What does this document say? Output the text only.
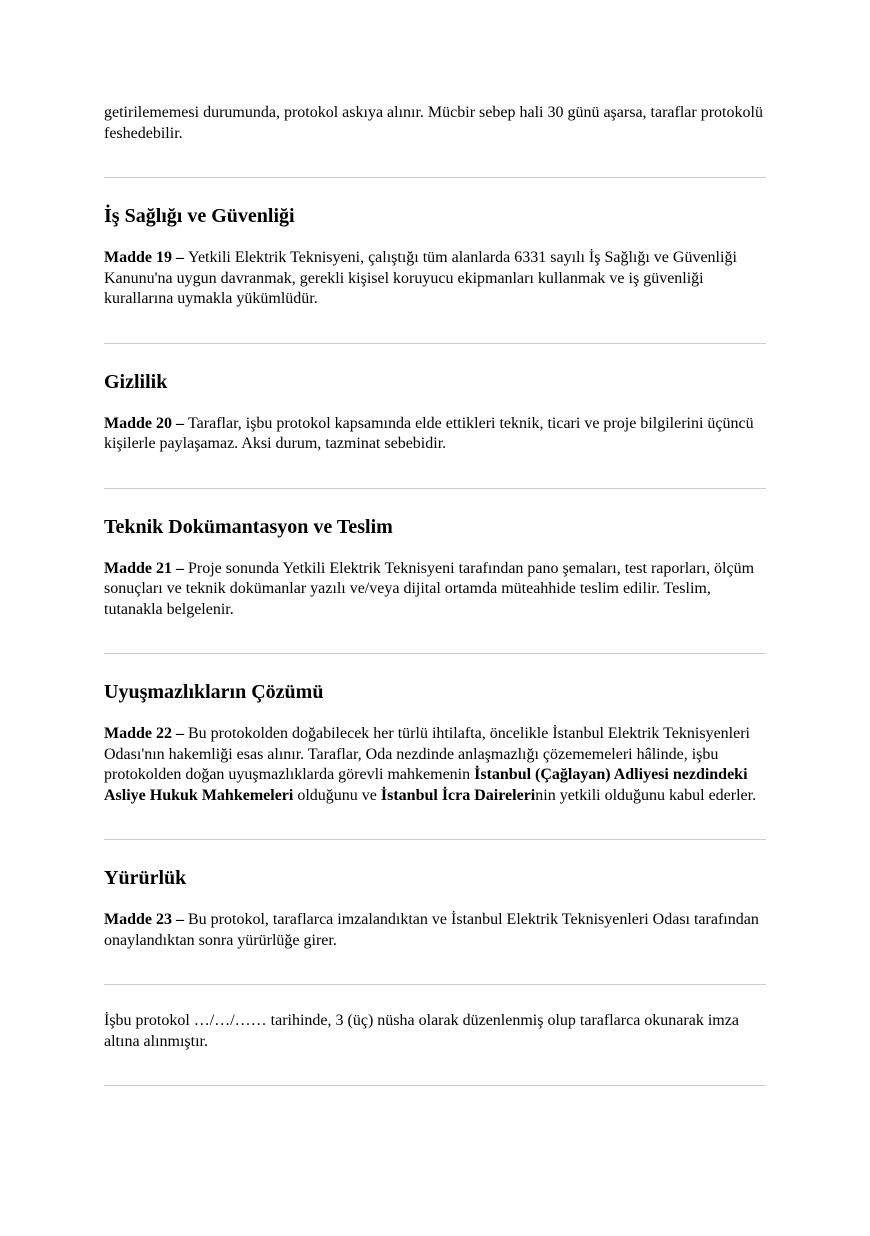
getirilememesi durumunda, protokol askıya alınır. Mücbir sebep hali 30 günü aşarsa, taraflar protokolü feshedebilir.

İş Sağlığı ve Güvenliği

Madde 19 – Yetkili Elektrik Teknisyeni, çalıştığı tüm alanlarda 6331 sayılı İş Sağlığı ve Güvenliği Kanunu'na uygun davranmak, gerekli kişisel koruyucu ekipmanları kullanmak ve iş güvenliği kurallarına uymakla yükümlüdür.

Gizlilik

Madde 20 – Taraflar, işbu protokol kapsamında elde ettikleri teknik, ticari ve proje bilgilerini üçüncü kişilerle paylaşamaz. Aksi durum, tazminat sebebidir.

Teknik Dokümantasyon ve Teslim

Madde 21 – Proje sonunda Yetkili Elektrik Teknisyeni tarafından pano şemaları, test raporları, ölçüm sonuçları ve teknik dokümanlar yazılı ve/veya dijital ortamda müteahhide teslim edilir. Teslim, tutanakla belgelenir.

Uyuşmazlıkların Çözümü

Madde 22 – Bu protokolden doğabilecek her türlü ihtilafta, öncelikle İstanbul Elektrik Teknisyenleri Odası'nın hakemliği esas alınır. Taraflar, Oda nezdinde anlaşmazlığı çözememeleri hâlinde, işbu protokolden doğan uyuşmazlıklarda görevli mahkemenin İstanbul (Çağlayan) Adliyesi nezdindeki Asliye Hukuk Mahkemeleri olduğunu ve İstanbul İcra Dairelerinin yetkili olduğunu kabul ederler.

Yürürlük

Madde 23 – Bu protokol, taraflarca imzalandıktan ve İstanbul Elektrik Teknisyenleri Odası tarafından onaylandıktan sonra yürürlüğe girer.

İşbu protokol …/…/…… tarihinde, 3 (üç) nüsha olarak düzenlenmiş olup taraflarca okunarak imza altına alınmıştır.
